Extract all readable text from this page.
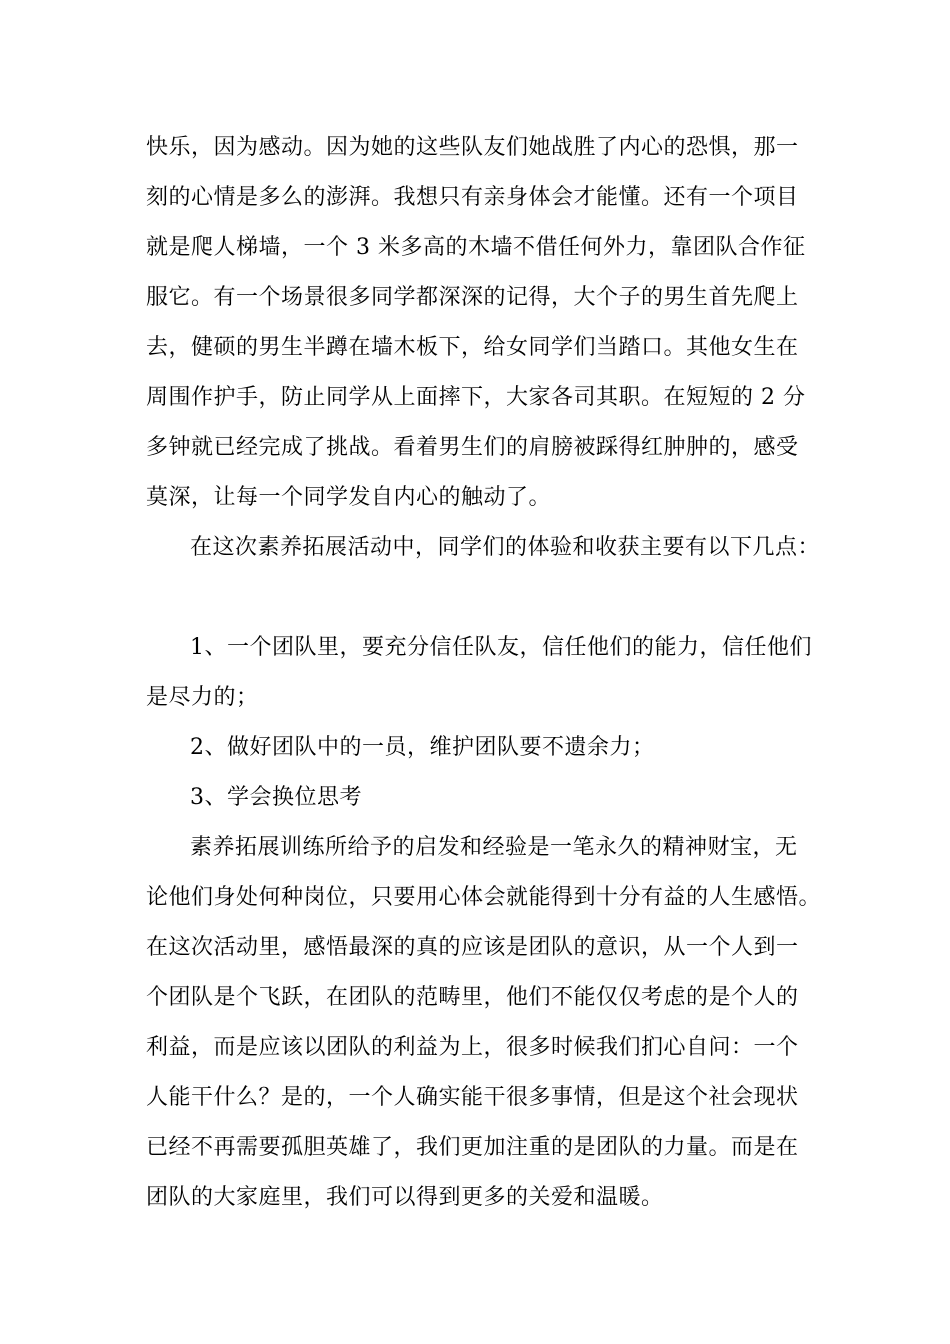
快乐，因为感动。因为她的这些队友们她战胜了内心的恐惧，那一
刻的心情是多么的澎湃。我想只有亲身体会才能懂。还有一个项目
就是爬人梯墙，一个 3 米多高的木墙不借任何外力，靠团队合作征
服它。有一个场景很多同学都深深的记得，大个子的男生首先爬上
去，健硕的男生半蹲在墙木板下，给女同学们当踏口。其他女生在
周围作护手，防止同学从上面摔下，大家各司其职。在短短的 2 分
多钟就已经完成了挑战。看着男生们的肩膀被踩得红肿肿的，感受
莫深，让每一个同学发自内心的触动了。
在这次素养拓展活动中，同学们的体验和收获主要有以下几点：
1、一个团队里，要充分信任队友，信任他们的能力，信任他们
是尽力的；
2、做好团队中的一员，维护团队要不遗余力；
3、学会换位思考
素养拓展训练所给予的启发和经验是一笔永久的精神财宝，无
论他们身处何种岗位，只要用心体会就能得到十分有益的人生感悟。
在这次活动里，感悟最深的真的应该是团队的意识，从一个人到一
个团队是个飞跃，在团队的范畴里，他们不能仅仅考虑的是个人的
利益，而是应该以团队的利益为上，很多时候我们扪心自问：一个
人能干什么？是的，一个人确实能干很多事情，但是这个社会现状
已经不再需要孤胆英雄了，我们更加注重的是团队的力量。而是在
团队的大家庭里，我们可以得到更多的关爱和温暖。
